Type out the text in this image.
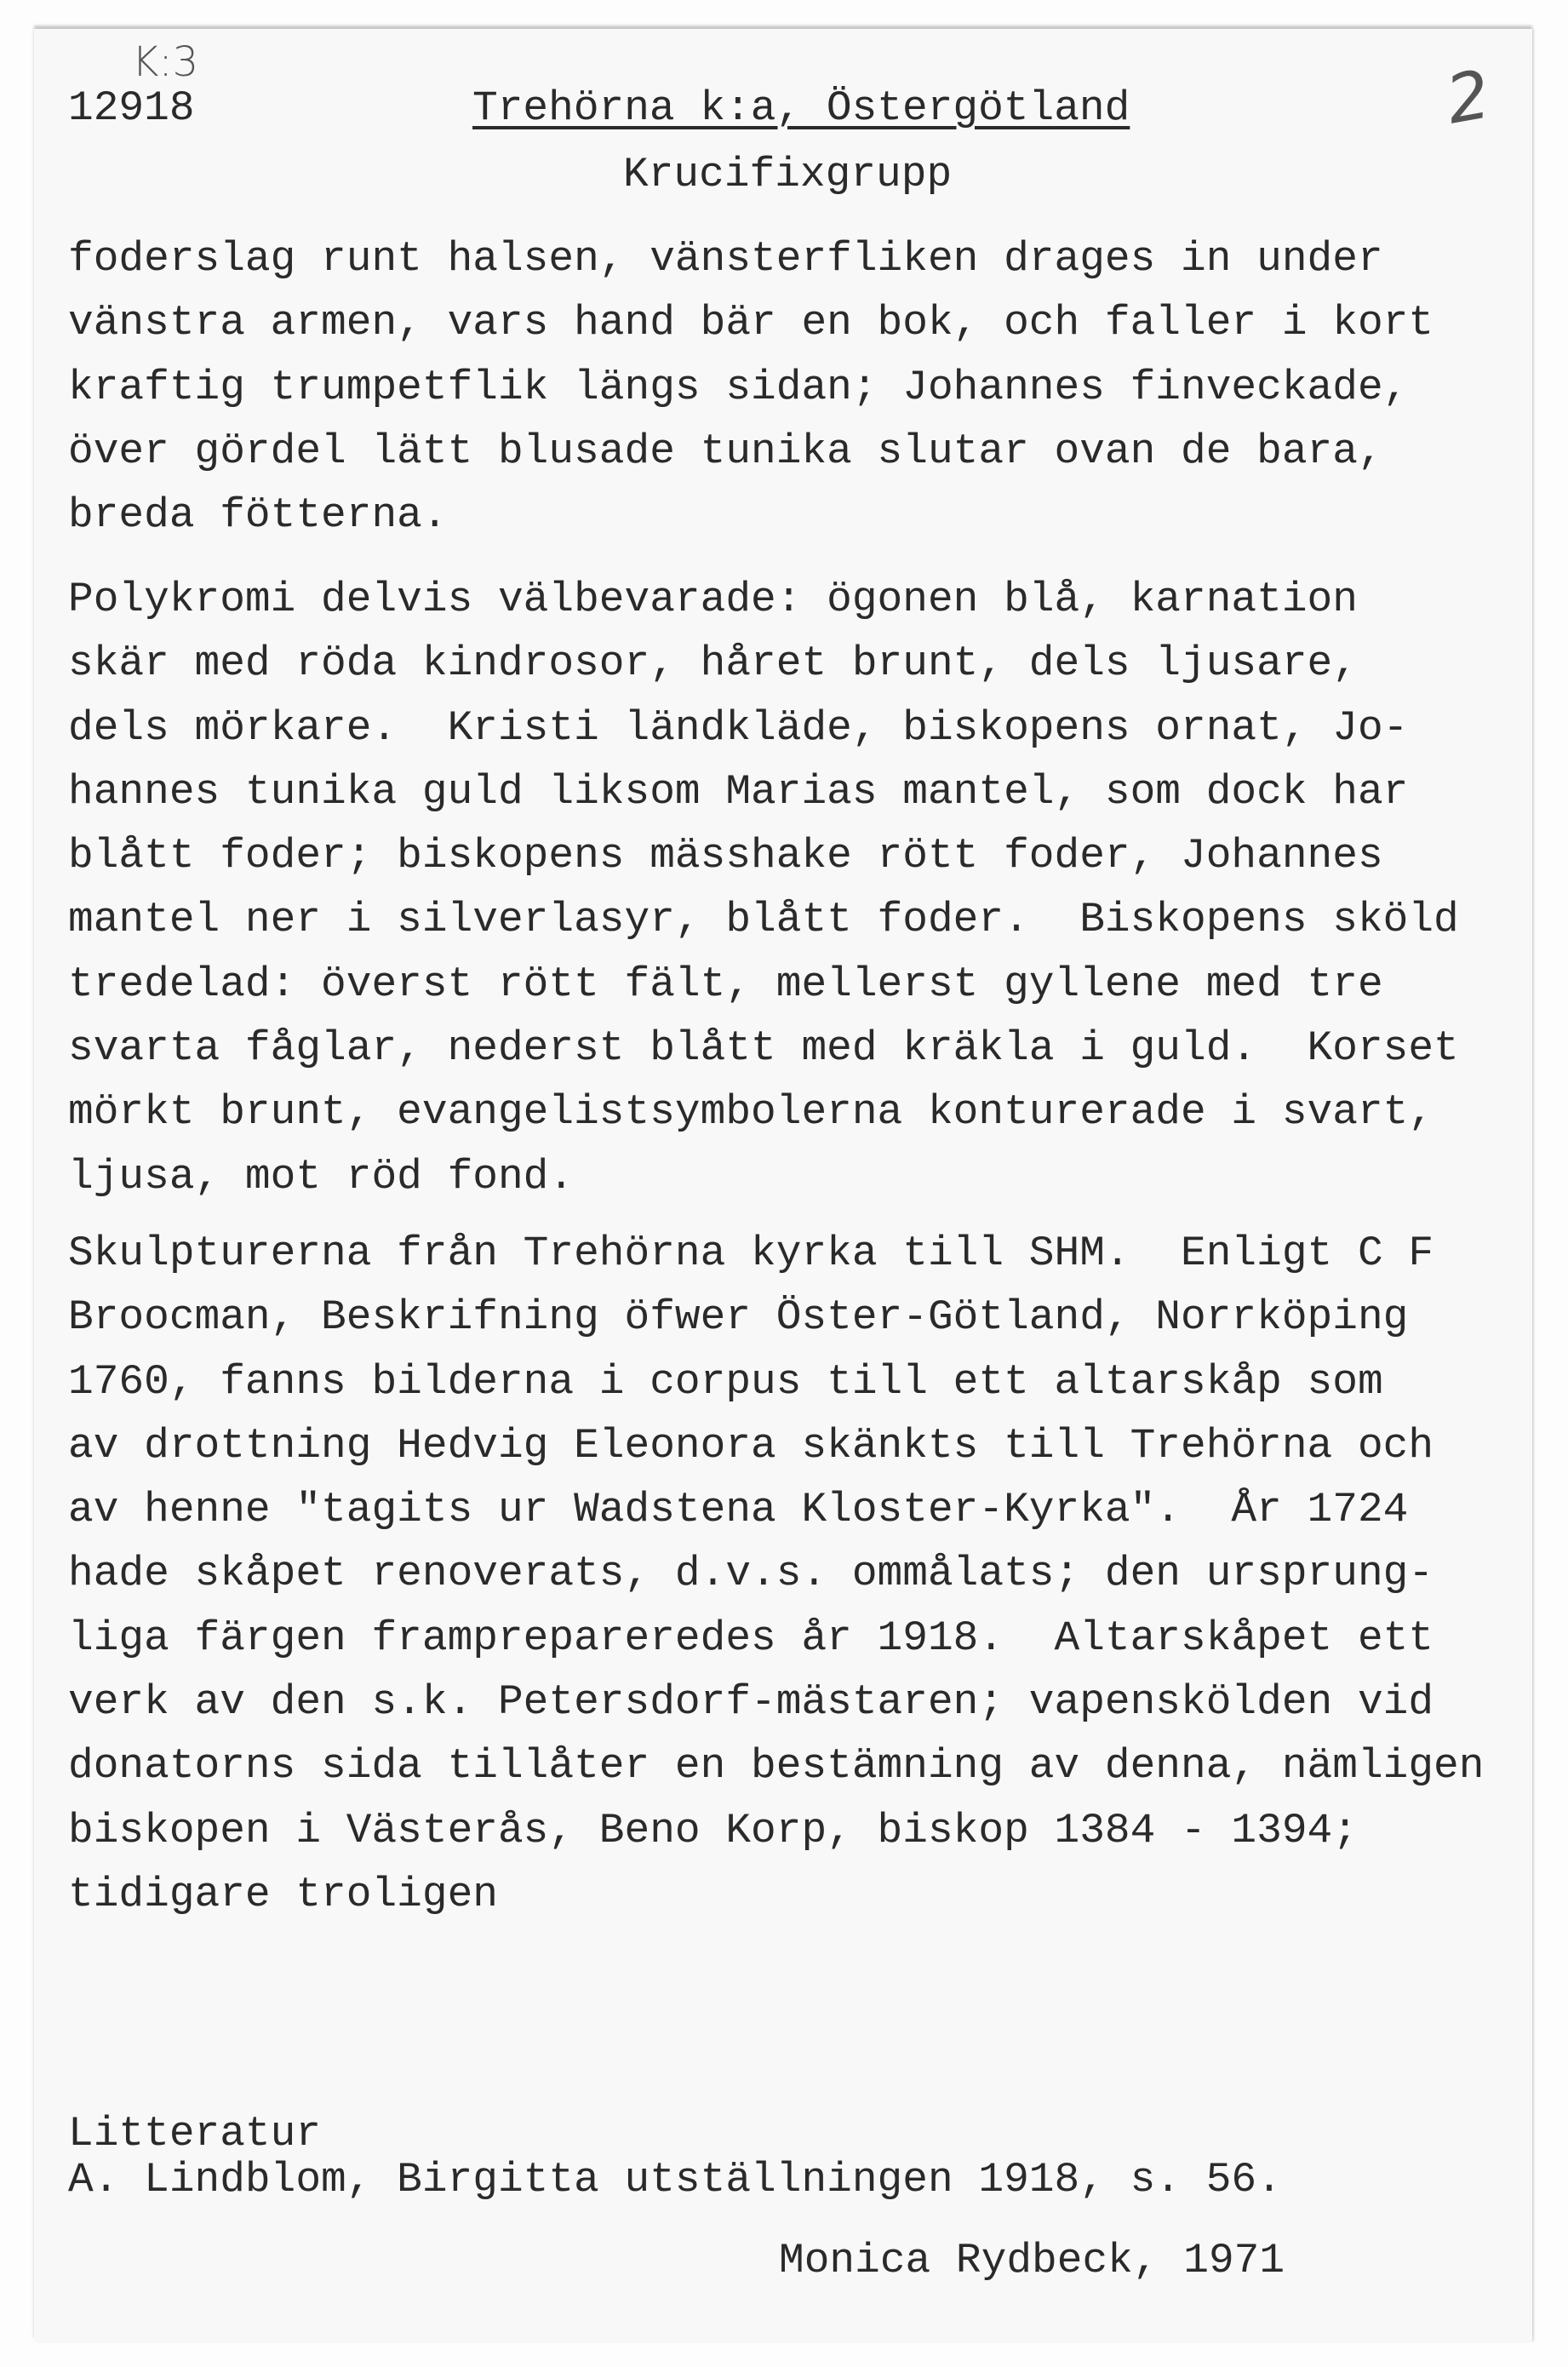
K:3	2
12918	Trehörna k:a, Östergötland
Krucifixgrupp
foderslag runt halsen, vänsterfliken drages in under
vänstra armen, vars hand bär en bok, och faller i kort
kraftig trumpetflik längs sidan; Johannes finveckade,
över gördel lätt blusade tunika slutar ovan de bara,
breda fötterna.
Polykromi delvis välbevarade: ögonen blå, karnation
skär med röda kindrosor, håret brunt, dels ljusare,
dels mörkare.  Kristi ländkläde, biskopens ornat, Jo-
hannes tunika guld liksom Marias mantel, som dock har
blått foder; biskopens mässhake rött foder, Johannes
mantel ner i silverlasyr, blått foder.  Biskopens sköld
tredelad: överst rött fält, mellerst gyllene med tre
svarta fåglar, nederst blått med kräkla i guld.  Korset
mörkt brunt, evangelistsymbolerna konturerade i svart,
ljusa, mot röd fond.
Skulpturerna från Trehörna kyrka till SHM.  Enligt C F
Broocman, Beskrifning öfwer Öster-Götland, Norrköping
1760, fanns bilderna i corpus till ett altarskåp som
av drottning Hedvig Eleonora skänkts till Trehörna och
av henne "tagits ur Wadstena Kloster-Kyrka".  År 1724
hade skåpet renoverats, d.v.s. ommålats; den ursprung-
liga färgen framprepareredes år 1918.  Altarskåpet ett
verk av den s.k. Petersdorf-mästaren; vapenskölden vid
donatorns sida tillåter en bestämning av denna, nämligen
biskopen i Västerås, Beno Korp, biskop 1384 - 1394;
tidigare troligen
Litteratur
A. Lindblom, Birgitta utställningen 1918, s. 56.
Monica Rydbeck, 1971
